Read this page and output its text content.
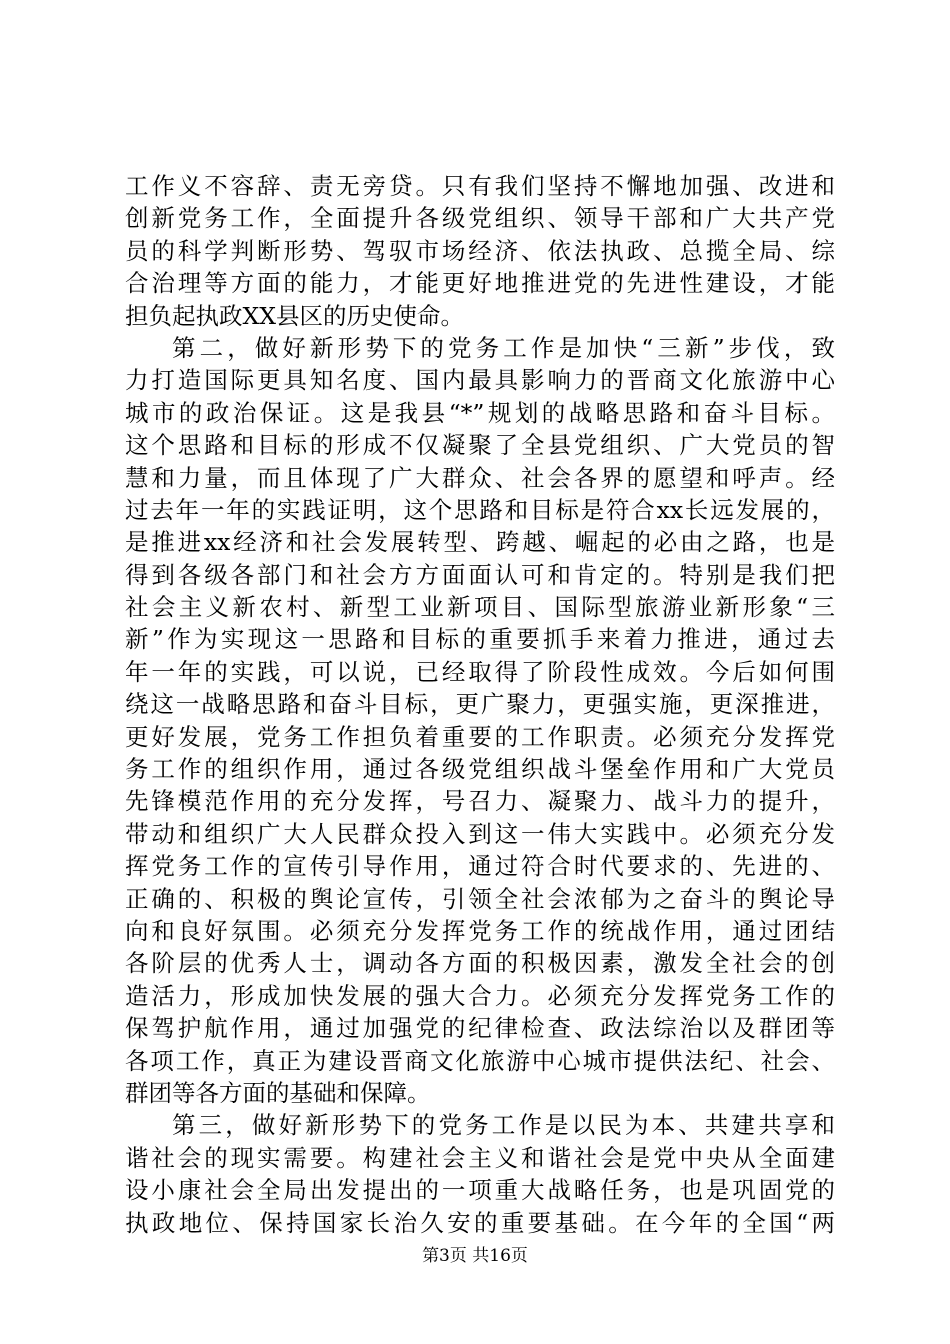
工作义不容辞、责无旁贷。只有我们坚持不懈地加强、改进和
创新党务工作，全面提升各级党组织、领导干部和广大共产党
员的科学判断形势、驾驭市场经济、依法执政、总揽全局、综
合治理等方面的能力，才能更好地推进党的先进性建设，才能
担负起执政XX县区的历史使命。
第二，做好新形势下的党务工作是加快“三新”步伐，致
力打造国际更具知名度、国内最具影响力的晋商文化旅游中心
城市的政治保证。这是我县“*”规划的战略思路和奋斗目标。
这个思路和目标的形成不仅凝聚了全县党组织、广大党员的智
慧和力量，而且体现了广大群众、社会各界的愿望和呼声。经
过去年一年的实践证明，这个思路和目标是符合xx长远发展的，
是推进xx经济和社会发展转型、跨越、崛起的必由之路，也是
得到各级各部门和社会方方面面认可和肯定的。特别是我们把
社会主义新农村、新型工业新项目、国际型旅游业新形象“三
新”作为实现这一思路和目标的重要抓手来着力推进，通过去
年一年的实践，可以说，已经取得了阶段性成效。今后如何围
绕这一战略思路和奋斗目标，更广聚力，更强实施，更深推进，
更好发展，党务工作担负着重要的工作职责。必须充分发挥党
务工作的组织作用，通过各级党组织战斗堡垒作用和广大党员
先锋模范作用的充分发挥，号召力、凝聚力、战斗力的提升，
带动和组织广大人民群众投入到这一伟大实践中。必须充分发
挥党务工作的宣传引导作用，通过符合时代要求的、先进的、
正确的、积极的舆论宣传，引领全社会浓郁为之奋斗的舆论导
向和良好氛围。必须充分发挥党务工作的统战作用，通过团结
各阶层的优秀人士，调动各方面的积极因素，激发全社会的创
造活力，形成加快发展的强大合力。必须充分发挥党务工作的
保驾护航作用，通过加强党的纪律检查、政法综治以及群团等
各项工作，真正为建设晋商文化旅游中心城市提供法纪、社会、
群团等各方面的基础和保障。
第三，做好新形势下的党务工作是以民为本、共建共享和
谐社会的现实需要。构建社会主义和谐社会是党中央从全面建
设小康社会全局出发提出的一项重大战略任务，也是巩固党的
执政地位、保持国家长治久安的重要基础。在今年的全国“两
第3页 共16页
